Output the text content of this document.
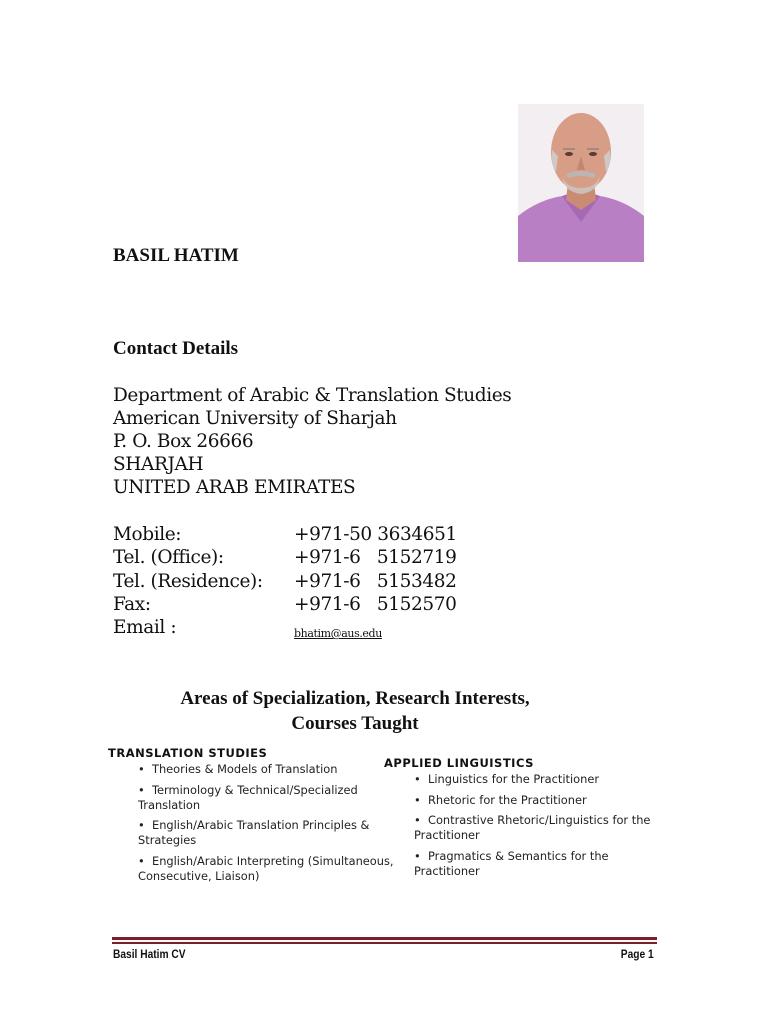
BASIL HATIM
Contact Details
Department of Arabic & Translation Studies
American University of Sharjah
P. O. Box 26666
SHARJAH
UNITED ARAB EMIRATES
Mobile:	+971-50 3634651
Tel. (Office):	+971-6   5152719
Tel. (Residence): +971-6   5153482
Fax:	+971-6   5152570
Email :	bhatim@aus.edu
Areas of Specialization, Research Interests,
Courses Taught
TRANSLATION STUDIES
• Theories & Models of Translation
• Terminology & Technical/Specialized Translation
• English/Arabic Translation Principles & Strategies
• English/Arabic Interpreting (Simultaneous, Consecutive, Liaison)
APPLIED LINGUISTICS
• Linguistics for the Practitioner
• Rhetoric for the Practitioner
• Contrastive Rhetoric/Linguistics for the Practitioner
• Pragmatics & Semantics for the Practitioner
Basil Hatim CV	Page 1
